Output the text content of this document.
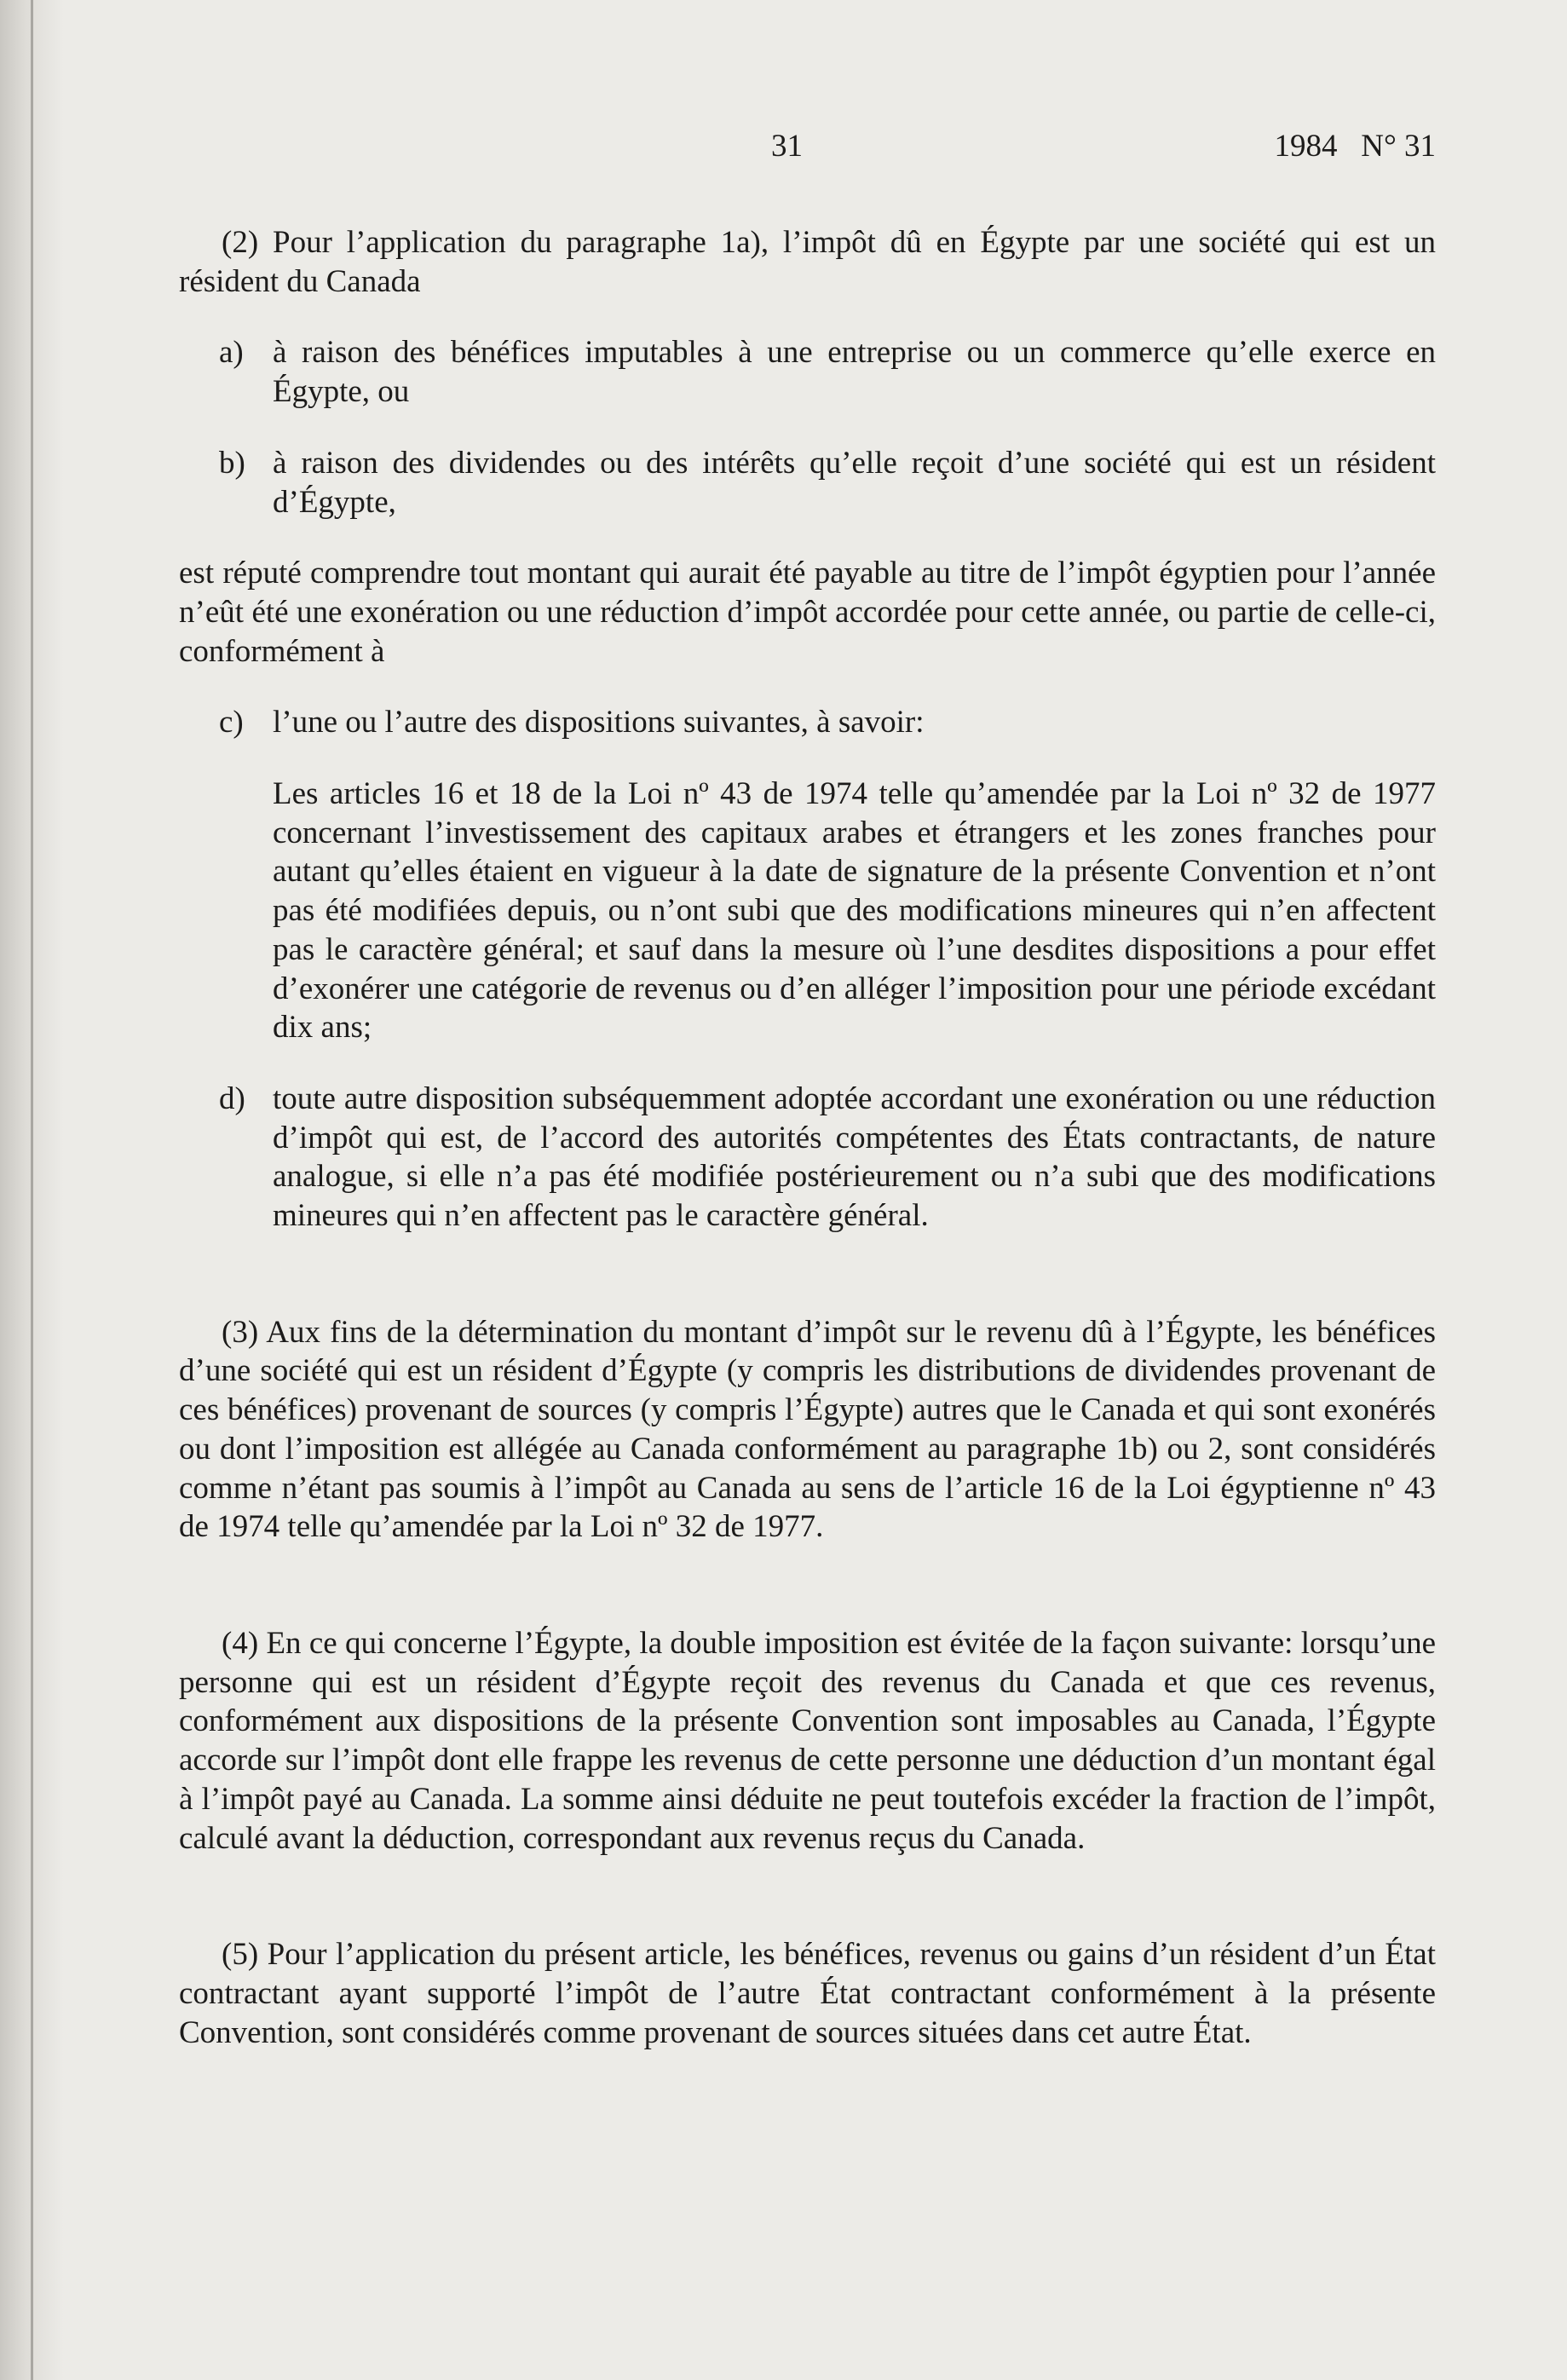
31	1984   N° 31

(2) Pour l’application du paragraphe 1a), l’impôt dû en Égypte par une société qui est un résident du Canada

a) à raison des bénéfices imputables à une entreprise ou un commerce qu’elle exerce en Égypte, ou
b) à raison des dividendes ou des intérêts qu’elle reçoit d’une société qui est un résident d’Égypte,

est réputé comprendre tout montant qui aurait été payable au titre de l’impôt égyptien pour l’année n’eût été une exonération ou une réduction d’impôt accordée pour cette année, ou partie de celle-ci, conformément à

c) l’une ou l’autre des dispositions suivantes, à savoir:

Les articles 16 et 18 de la Loi nº 43 de 1974 telle qu’amendée par la Loi nº 32 de 1977 concernant l’investissement des capitaux arabes et étrangers et les zones franches pour autant qu’elles étaient en vigueur à la date de signature de la présente Convention et n’ont pas été modifiées depuis, ou n’ont subi que des modifications mineures qui n’en affectent pas le caractère général; et sauf dans la mesure où l’une desdites dispositions a pour effet d’exonérer une catégorie de revenus ou d’en alléger l’imposition pour une période excédant dix ans;

d) toute autre disposition subséquemment adoptée accordant une exonération ou une réduction d’impôt qui est, de l’accord des autorités compétentes des États contractants, de nature analogue, si elle n’a pas été modifiée postérieurement ou n’a subi que des modifications mineures qui n’en affectent pas le caractère général.

(3) Aux fins de la détermination du montant d’impôt sur le revenu dû à l’Égypte, les bénéfices d’une société qui est un résident d’Égypte (y compris les distributions de dividendes provenant de ces bénéfices) provenant de sources (y compris l’Égypte) autres que le Canada et qui sont exonérés ou dont l’imposition est allégée au Canada conformément au paragraphe 1b) ou 2, sont considérés comme n’étant pas soumis à l’impôt au Canada au sens de l’article 16 de la Loi égyptienne nº 43 de 1974 telle qu’amendée par la Loi nº 32 de 1977.

(4) En ce qui concerne l’Égypte, la double imposition est évitée de la façon suivante: lorsqu’une personne qui est un résident d’Égypte reçoit des revenus du Canada et que ces revenus, conformément aux dispositions de la présente Convention sont imposables au Canada, l’Égypte accorde sur l’impôt dont elle frappe les revenus de cette personne une déduction d’un montant égal à l’impôt payé au Canada. La somme ainsi déduite ne peut toutefois excéder la fraction de l’impôt, calculé avant la déduction, correspondant aux revenus reçus du Canada.

(5) Pour l’application du présent article, les bénéfices, revenus ou gains d’un résident d’un État contractant ayant supporté l’impôt de l’autre État contractant conformément à la présente Convention, sont considérés comme provenant de sources situées dans cet autre État.
